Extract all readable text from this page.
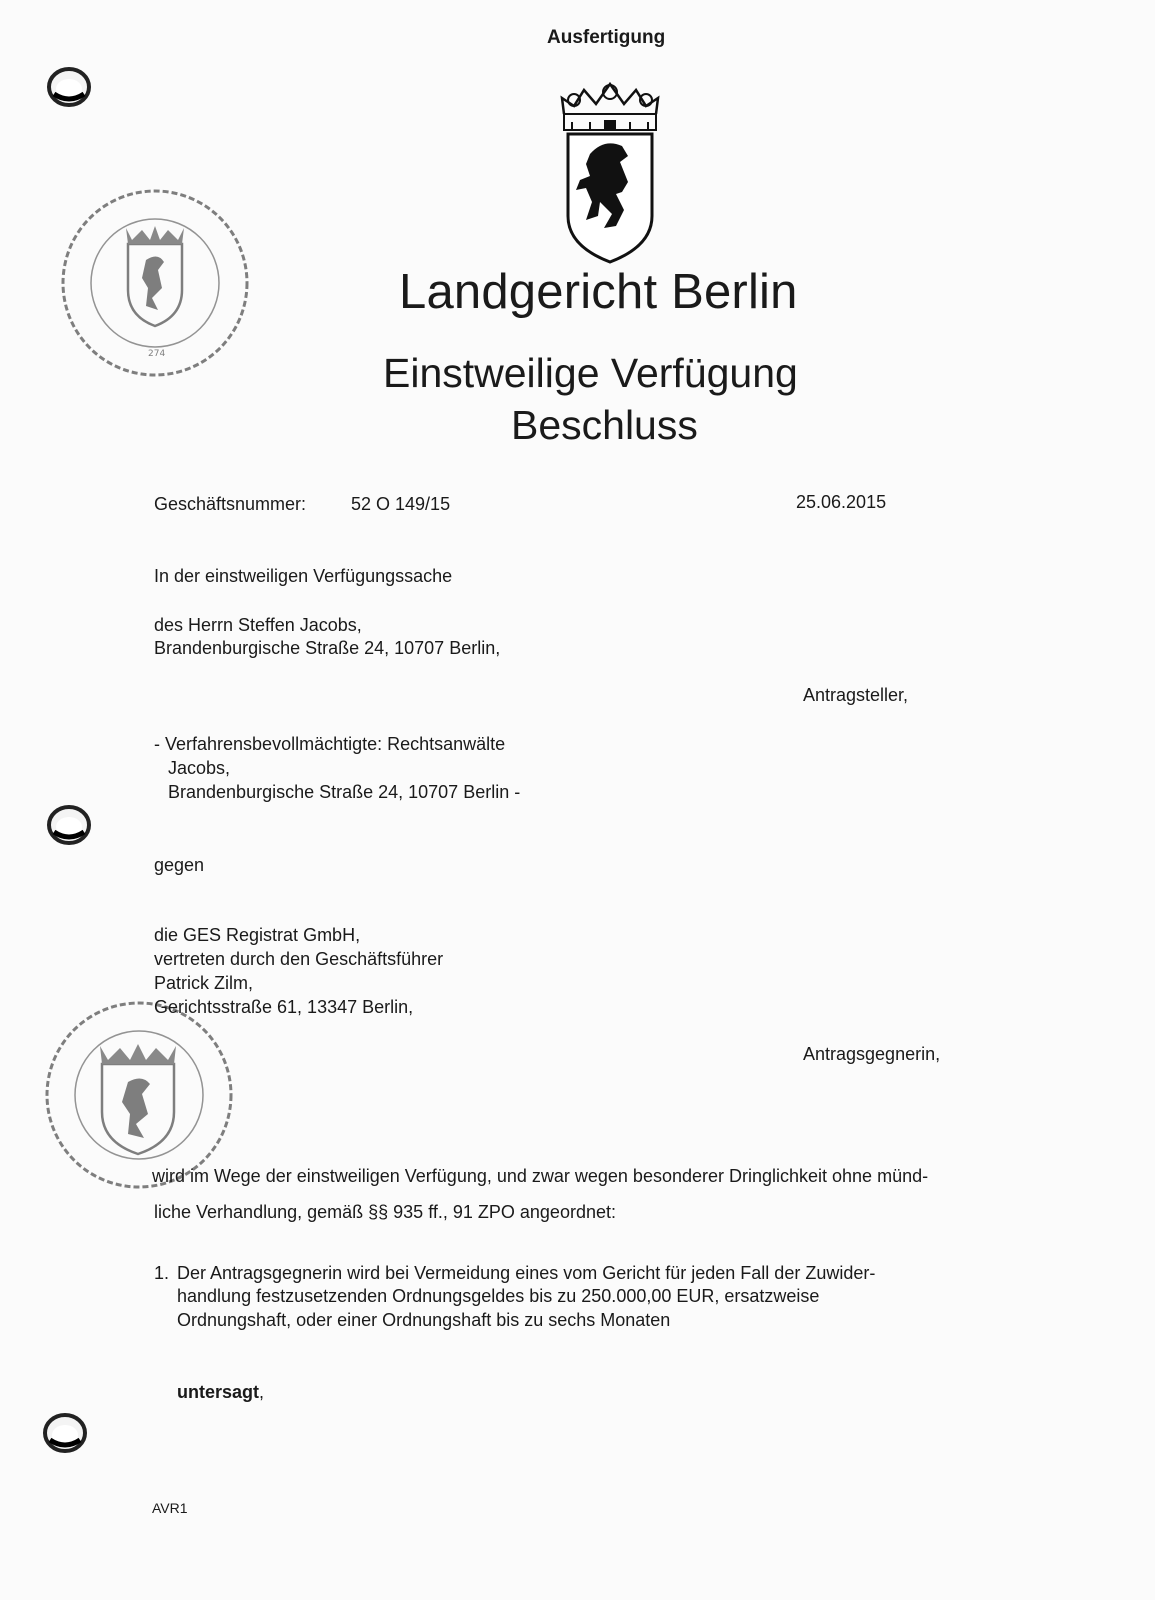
274
Ausfertigung
Landgericht Berlin
Einstweilige Verfügung
Beschluss
Geschäftsnummer: 52 O 149/15	25.06.2015
In der einstweiligen Verfügungssache
des Herrn Steffen Jacobs,
Brandenburgische Straße 24, 10707 Berlin,
Antragsteller,
- Verfahrensbevollmächtigte: Rechtsanwälte
Jacobs,
Brandenburgische Straße 24, 10707 Berlin -
gegen
die GES Registrat GmbH,
vertreten durch den Geschäftsführer
Patrick Zilm,
Gerichtsstraße 61, 13347 Berlin,
Antragsgegnerin,
wird im Wege der einstweiligen Verfügung, und zwar wegen besonderer Dringlichkeit ohne münd-
liche Verhandlung, gemäß §§ 935 ff., 91 ZPO angeordnet:
1. Der Antragsgegnerin wird bei Vermeidung eines vom Gericht für jeden Fall der Zuwider-
handlung festzusetzenden Ordnungsgeldes bis zu 250.000,00 EUR, ersatzweise
Ordnungshaft, oder einer Ordnungshaft bis zu sechs Monaten
untersagt,
AVR1
